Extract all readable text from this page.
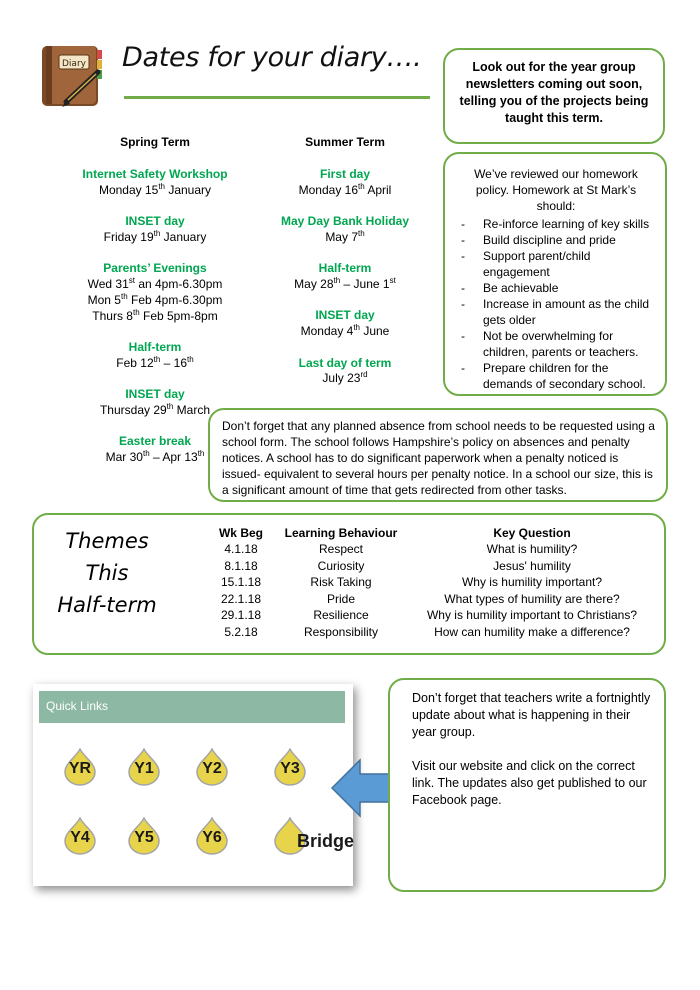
Diary Dates for your diary….	Look out for the year group newsletters coming out soon, telling you of the projects being taught this term.
Spring Term
Internet Safety Workshop
Monday 15th January
INSET day
Friday 19th January
Parents’ Evenings
Wed 31st an 4pm-6.30pm
Mon 5th Feb 4pm-6.30pm
Thurs 8th Feb 5pm-8pm
Half-term
Feb 12th – 16th
INSET day
Thursday 29th March
Easter break
Mar 30th – Apr 13th
Summer Term
First day
Monday 16th April
May Day Bank Holiday
May 7th
Half-term
May 28th – June 1st
INSET day
Monday 4th June
Last day of term
July 23rd
We’ve reviewed our homework policy. Homework at St Mark’s should:
- Re-inforce learning of key skills
- Build discipline and pride
- Support parent/child engagement
- Be achievable
- Increase in amount as the child gets older
- Not be overwhelming for children, parents or teachers.
- Prepare children for the demands of secondary school.
Don’t forget that any planned absence from school needs to be requested using a school form. The school follows Hampshire’s policy on absences and penalty notices. A school has to do significant paperwork when a penalty noticed is issued- equivalent to several hours per penalty notice. In a school our size, this is a significant amount of time that gets redirected from other tasks.
Themes
This
Half-term
Wk Beg	Learning Behaviour	Key Question
4.1.18	Respect	What is humility?
8.1.18	Curiosity	Jesus' humility
15.1.18	Risk Taking	Why is humility important?
22.1.18	Pride	What types of humility are there?
29.1.18	Resilience	Why is humility important to Christians?
5.2.18	Responsibility	How can humility make a difference?
Quick Links
YR	Y1	Y2	Y3
Y4	Y5	Y6	Bridge

Don’t forget that teachers write a fortnightly update about what is happening in their year group.

Visit our website and click on the correct link. The updates also get published to our Facebook page.
